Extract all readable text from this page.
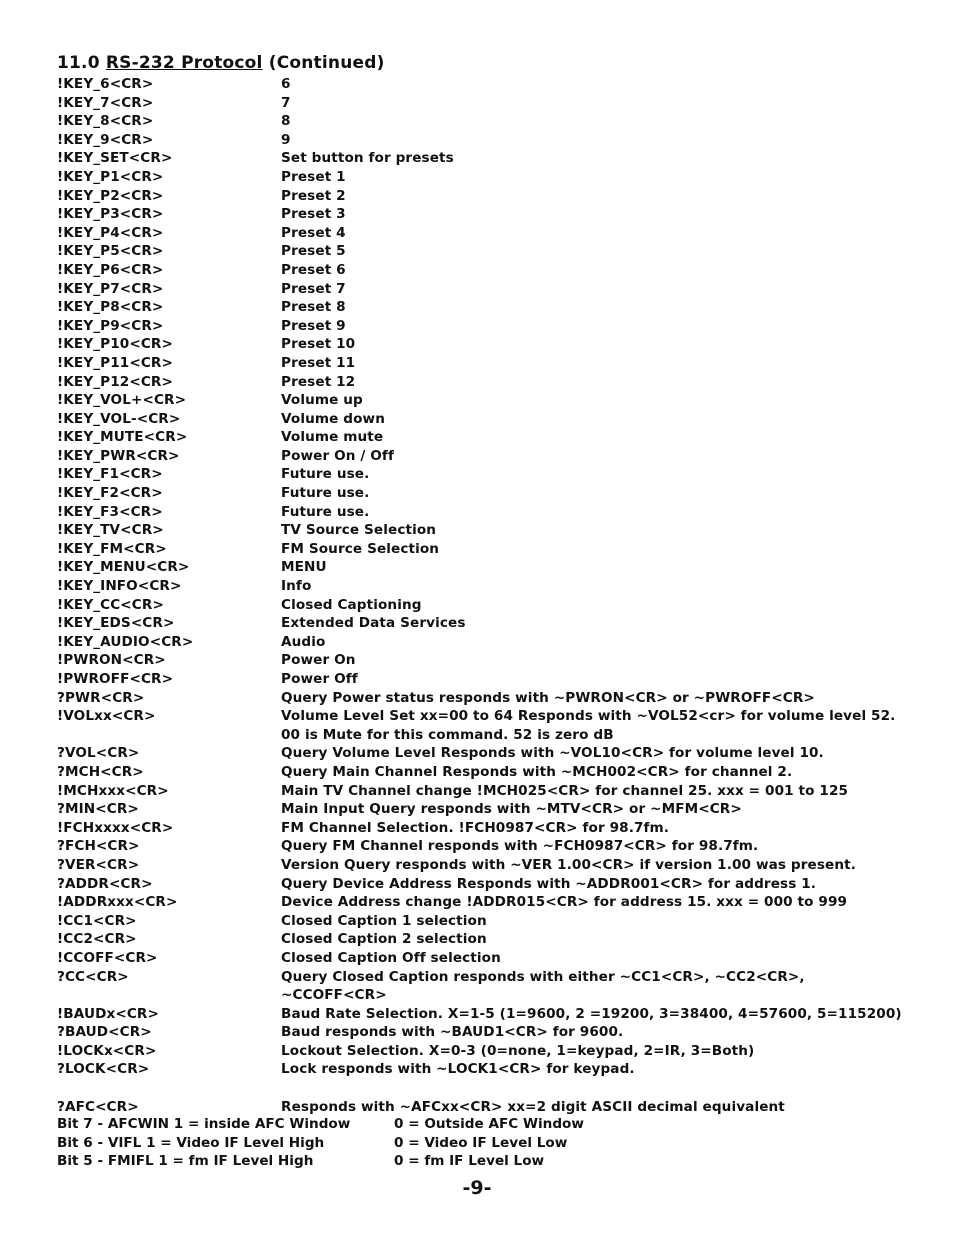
11.0 RS-232 Protocol (Continued)
!KEY_6<CR>	6
!KEY_7<CR>	7
!KEY_8<CR>	8
!KEY_9<CR>	9
!KEY_SET<CR>	Set button for presets
!KEY_P1<CR>	Preset 1
!KEY_P2<CR>	Preset 2
!KEY_P3<CR>	Preset 3
!KEY_P4<CR>	Preset 4
!KEY_P5<CR>	Preset 5
!KEY_P6<CR>	Preset 6
!KEY_P7<CR>	Preset 7
!KEY_P8<CR>	Preset 8
!KEY_P9<CR>	Preset 9
!KEY_P10<CR>	Preset 10
!KEY_P11<CR>	Preset 11
!KEY_P12<CR>	Preset 12
!KEY_VOL+<CR>	Volume up
!KEY_VOL-<CR>	Volume down
!KEY_MUTE<CR>	Volume mute
!KEY_PWR<CR>	Power On / Off
!KEY_F1<CR>	Future use.
!KEY_F2<CR>	Future use.
!KEY_F3<CR>	Future use.
!KEY_TV<CR>	TV Source Selection
!KEY_FM<CR>	FM Source Selection
!KEY_MENU<CR>	MENU
!KEY_INFO<CR>	Info
!KEY_CC<CR>	Closed Captioning
!KEY_EDS<CR>	Extended Data Services
!KEY_AUDIO<CR>	Audio
!PWRON<CR>	Power On
!PWROFF<CR>	Power Off
?PWR<CR>	Query Power status responds with ~PWRON<CR> or ~PWROFF<CR>
!VOLxx<CR>	Volume Level Set xx=00 to 64 Responds with ~VOL52<cr> for volume level 52.
00 is Mute for this command. 52 is zero dB
?VOL<CR>	Query Volume Level Responds with ~VOL10<CR> for volume level 10.
?MCH<CR>	Query Main Channel Responds with ~MCH002<CR> for channel 2.
!MCHxxx<CR>	Main TV Channel change !MCH025<CR> for channel 25. xxx = 001 to 125
?MIN<CR>	Main Input Query responds with ~MTV<CR> or ~MFM<CR>
!FCHxxxx<CR>	FM Channel Selection. !FCH0987<CR> for 98.7fm.
?FCH<CR>	Query FM Channel responds with ~FCH0987<CR> for 98.7fm.
?VER<CR>	Version Query responds with ~VER 1.00<CR> if version 1.00 was present.
?ADDR<CR>	Query Device Address Responds with ~ADDR001<CR> for address 1.
!ADDRxxx<CR>	Device Address change !ADDR015<CR> for address 15. xxx = 000 to 999
!CC1<CR>	Closed Caption 1 selection
!CC2<CR>	Closed Caption 2 selection
!CCOFF<CR>	Closed Caption Off selection
?CC<CR>	Query Closed Caption responds with either ~CC1<CR>, ~CC2<CR>,
~CCOFF<CR>
!BAUDx<CR>	Baud Rate Selection. X=1-5 (1=9600, 2 =19200, 3=38400, 4=57600, 5=115200)
?BAUD<CR>	Baud responds with ~BAUD1<CR> for 9600.
!LOCKx<CR>	Lockout Selection. X=0-3 (0=none, 1=keypad, 2=IR, 3=Both)
?LOCK<CR>	Lock responds with ~LOCK1<CR> for keypad.
?AFC<CR>	Responds with ~AFCxx<CR> xx=2 digit ASCII decimal equivalent
Bit 7 - AFCWIN 1 = inside AFC Window	0 = Outside AFC Window
Bit 6 - VIFL 1 = Video IF Level High	0 = Video IF Level Low
Bit 5 - FMIFL 1 = fm IF Level High	0 = fm IF Level Low
-9-
